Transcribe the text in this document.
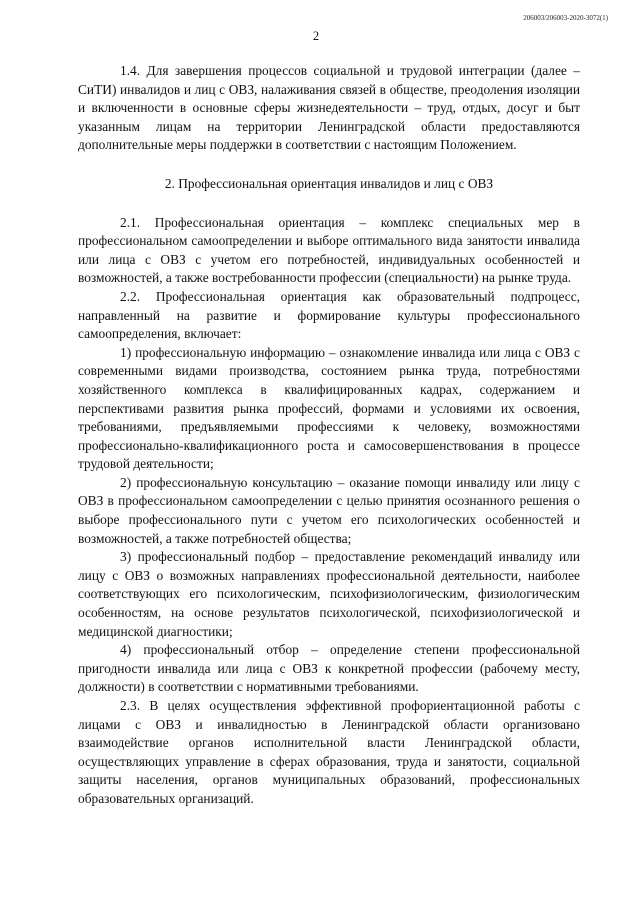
206003/206003-2020-3072(1)
2

1.4. Для завершения процессов социальной и трудовой интеграции (далее – СиТИ) инвалидов и лиц с ОВЗ, налаживания связей в обществе, преодоления изоляции и включенности в основные сферы жизнедеятельности – труд, отдых, досуг и быт указанным лицам на территории Ленинградской области предоставляются дополнительные меры поддержки в соответствии с настоящим Положением.

2. Профессиональная ориентация инвалидов и лиц с ОВЗ

2.1. Профессиональная ориентация – комплекс специальных мер в профессиональном самоопределении и выборе оптимального вида занятости инвалида или лица с ОВЗ с учетом его потребностей, индивидуальных особенностей и возможностей, а также востребованности профессии (специальности) на рынке труда.

2.2. Профессиональная ориентация как образовательный подпроцесс, направленный на развитие и формирование культуры профессионального самоопределения, включает:

1) профессиональную информацию – ознакомление инвалида или лица с ОВЗ с современными видами производства, состоянием рынка труда, потребностями хозяйственного комплекса в квалифицированных кадрах, содержанием и перспективами развития рынка профессий, формами и условиями их освоения, требованиями, предъявляемыми профессиями к человеку, возможностями профессионально-квалификационного роста и самосовершенствования в процессе трудовой деятельности;

2) профессиональную консультацию – оказание помощи инвалиду или лицу с ОВЗ в профессиональном самоопределении с целью принятия осознанного решения о выборе профессионального пути с учетом его психологических особенностей и возможностей, а также потребностей общества;

3) профессиональный подбор – предоставление рекомендаций инвалиду или лицу с ОВЗ о возможных направлениях профессиональной деятельности, наиболее соответствующих его психологическим, психофизиологическим, физиологическим особенностям, на основе результатов психологической, психофизиологической и медицинской диагностики;

4) профессиональный отбор – определение степени профессиональной пригодности инвалида или лица с ОВЗ к конкретной профессии (рабочему месту, должности) в соответствии с нормативными требованиями.

2.3. В целях осуществления эффективной профориентационной работы с лицами с ОВЗ и инвалидностью в Ленинградской области организовано взаимодействие органов исполнительной власти Ленинградской области, осуществляющих управление в сферах образования, труда и занятости, социальной защиты населения, органов муниципальных образований, профессиональных образовательных организаций.
